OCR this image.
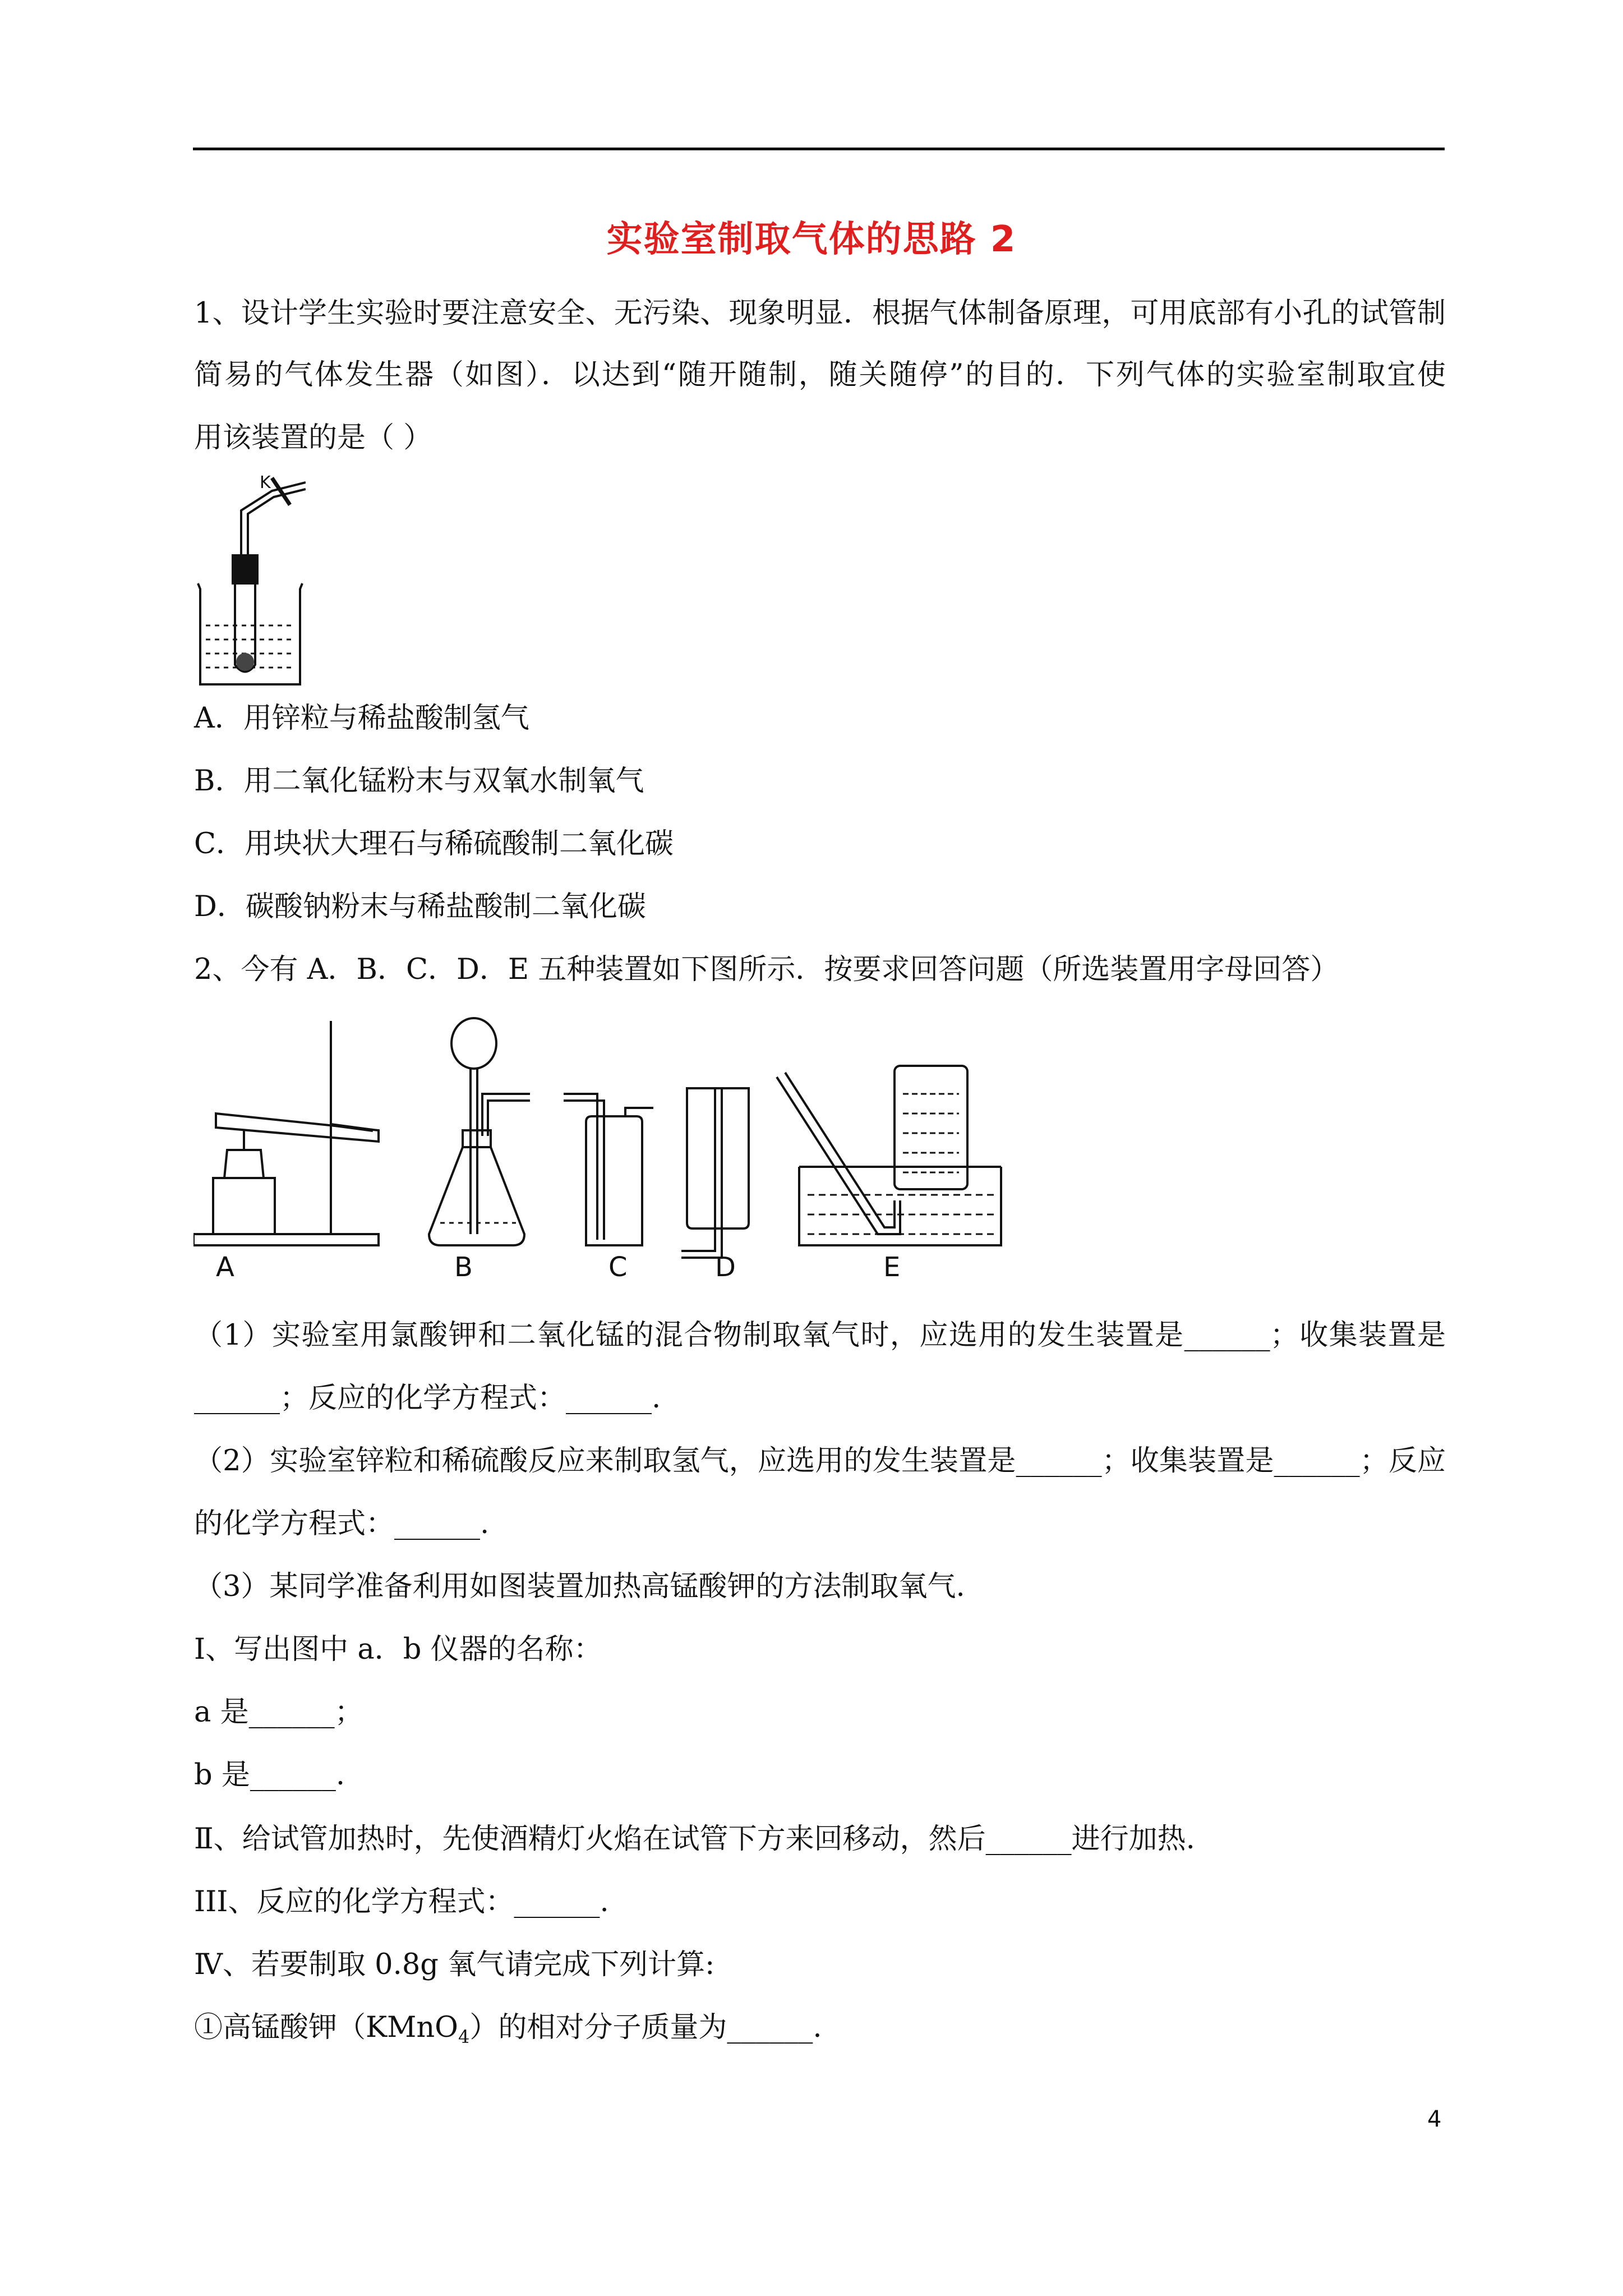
实验室制取气体的思路 2
1、设计学生实验时要注意安全、无污染、现象明显．根据气体制备原理，可用底部有小孔的试管制
简易的气体发生器（如图）．以达到“随开随制，随关随停”的目的．下列气体的实验室制取宜使
用该装置的是（ ）
K
A．用锌粒与稀盐酸制氢气
B．用二氧化锰粉末与双氧水制氧气
C．用块状大理石与稀硫酸制二氧化碳
D．碳酸钠粉末与稀盐酸制二氧化碳
2、今有 A．B．C．D．E 五种装置如下图所示．按要求回答问题（所选装置用字母回答）
A	B	C	D	E
（1）实验室用氯酸钾和二氧化锰的混合物制取氧气时，应选用的发生装置是______；收集装置是
______；反应的化学方程式：______.
（2）实验室锌粒和稀硫酸反应来制取氢气，应选用的发生装置是______；收集装置是______；反应
的化学方程式：______.
（3）某同学准备利用如图装置加热高锰酸钾的方法制取氧气.
I、写出图中 a．b 仪器的名称：
a 是______；
b 是______.
Ⅱ、给试管加热时，先使酒精灯火焰在试管下方来回移动，然后______进行加热.
III、反应的化学方程式：______.
Ⅳ、若要制取 0.8g 氧气请完成下列计算:
①高锰酸钾（KMnO$_4$）的相对分子质量为______.
4
